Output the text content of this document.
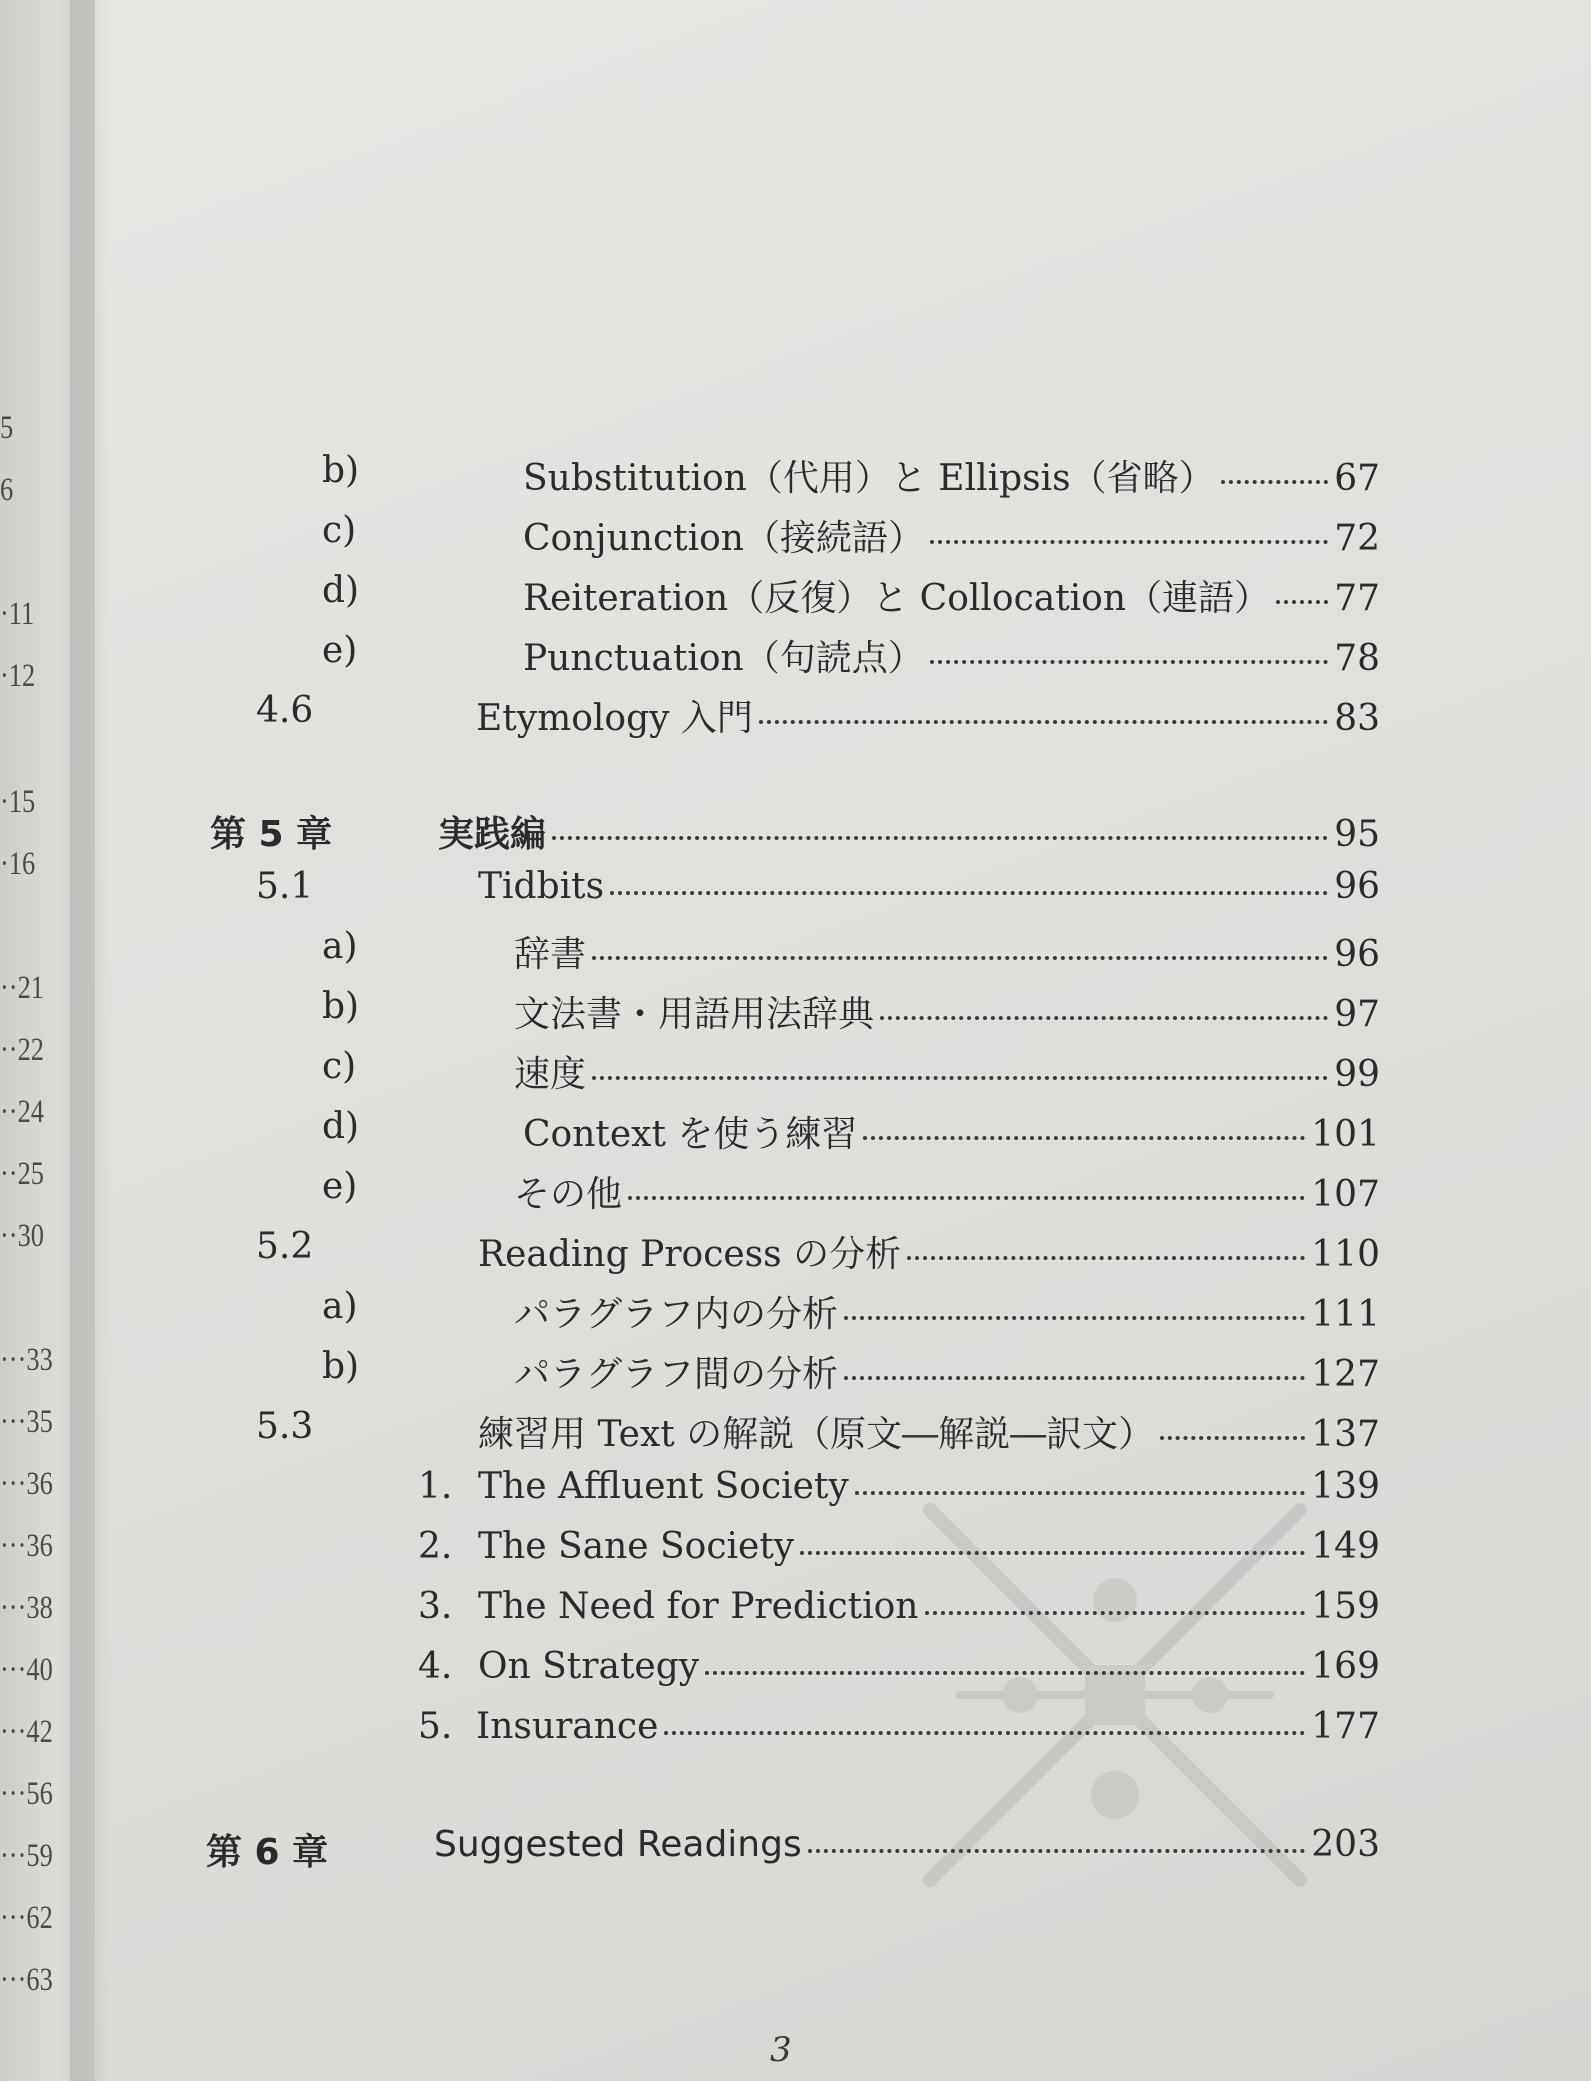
5
6
·11
·12
·15
·16
··21
··22
··24
··25
··30
···33
···35
···36
···36
···38
···40
···42
···56
···59
···62
···63
b)	Substitution（代用）と Ellipsis（省略）	67
c)	Conjunction（接続語）	72
d)	Reiteration（反復）と Collocation（連語） 77
e)	Punctuation（句読点）	78
4.6	Etymology 入門	83
第 5 章	実践編	95
5.1	Tidbits	96
a)	辞書	96
b)	文法書・用語用法辞典	97
c)	速度	99
d)	Context を使う練習	101
e)	その他	107
5.2	Reading Process の分析	110
a)	パラグラフ内の分析	111
b)	パラグラフ間の分析	127
5.3	練習用 Text の解説（原文―解説―訳文）	137
1. The Affluent Society	139
2. The Sane Society	149
3. The Need for Prediction	159
4. On Strategy	169
5. Insurance	177
第 6 章	Suggested Readings	203
3
